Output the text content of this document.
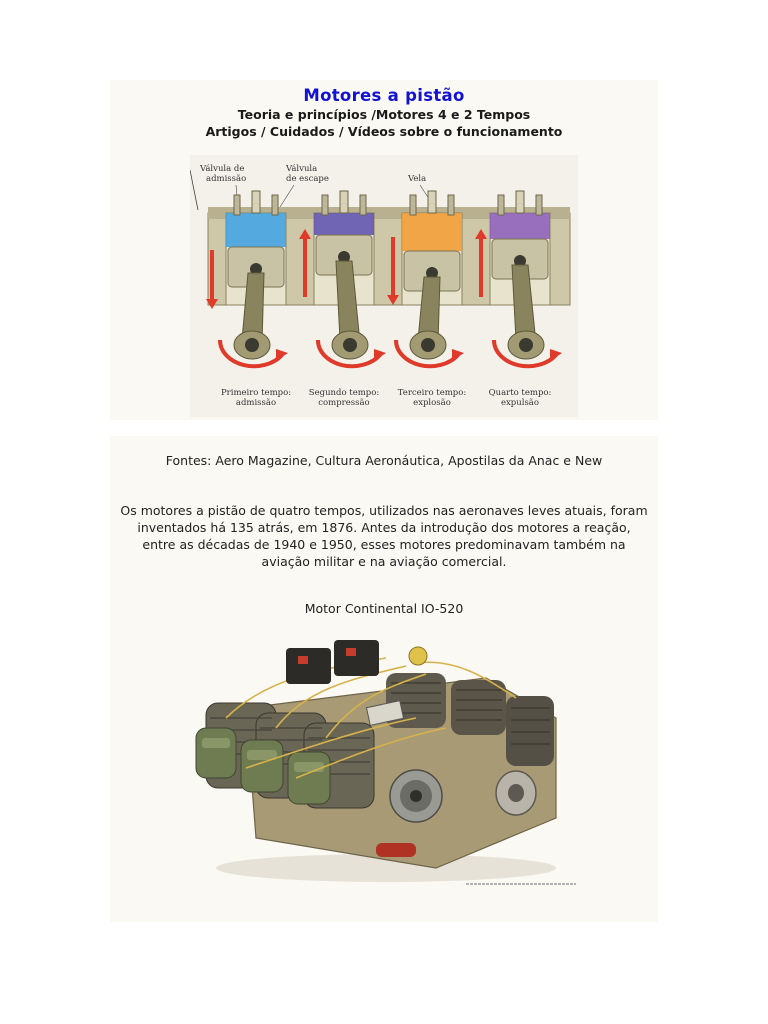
Motores a pistão
Teoria e princípios /Motores 4 e 2 Tempos
Artigos / Cuidados / Vídeos sobre o funcionamento
Válvula de
admissão
Válvula
de escape	Vela
Primeiro tempo:
admissão
Segundo tempo:
compressão
Terceiro tempo:
explosão
Quarto tempo:
expulsão
Fontes: Aero Magazine, Cultura Aeronáutica, Apostilas da Anac e New
Os motores a pistão de quatro tempos, utilizados nas aeronaves leves atuais, foram
inventados há 135 atrás, em 1876. Antes da introdução dos motores a reação,
entre as décadas de 1940 e 1950, esses motores predominavam também na
aviação militar e na aviação comercial.
Motor Continental IO-520
